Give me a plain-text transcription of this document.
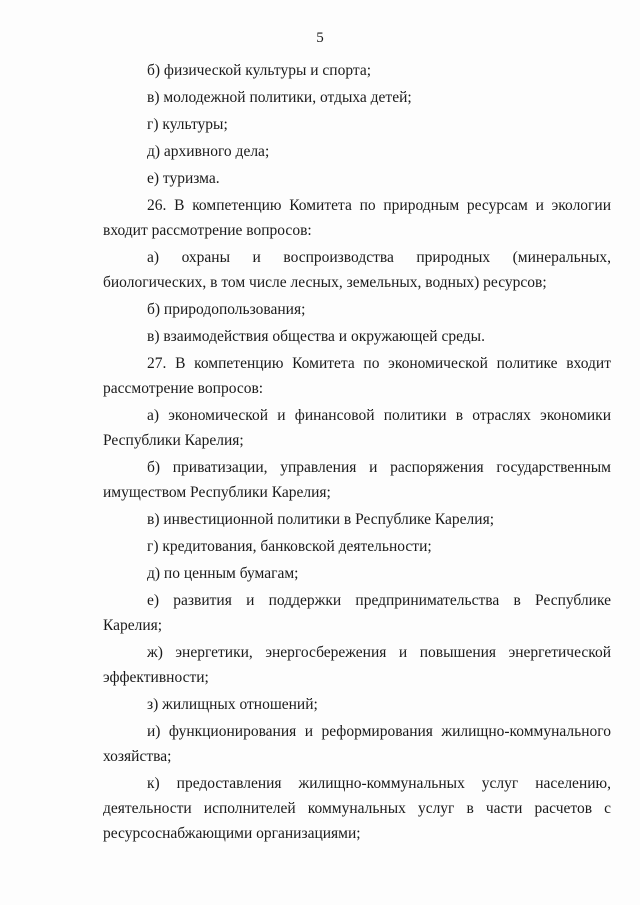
5

б) физической культуры и спорта;

в) молодежной политики, отдыха детей;

г) культуры;

д) архивного дела;

е) туризма.

26. В компетенцию Комитета по природным ресурсам и экологии входит рассмотрение вопросов:

а) охраны и воспроизводства природных (минеральных, биологических, в том числе лесных, земельных, водных) ресурсов;

б) природопользования;

в) взаимодействия общества и окружающей среды.

27. В компетенцию Комитета по экономической политике входит рассмотрение вопросов:

а) экономической и финансовой политики в отраслях экономики Республики Карелия;

б) приватизации, управления и распоряжения государственным имуществом Республики Карелия;

в) инвестиционной политики в Республике Карелия;

г) кредитования, банковской деятельности;

д) по ценным бумагам;

е) развития и поддержки предпринимательства в Республике Карелия;

ж) энергетики, энергосбережения и повышения энергетической эффективности;

з) жилищных отношений;

и) функционирования и реформирования жилищно-коммунального хозяйства;

к) предоставления жилищно-коммунальных услуг населению, деятельности исполнителей коммунальных услуг в части расчетов с ресурсоснабжающими организациями;
